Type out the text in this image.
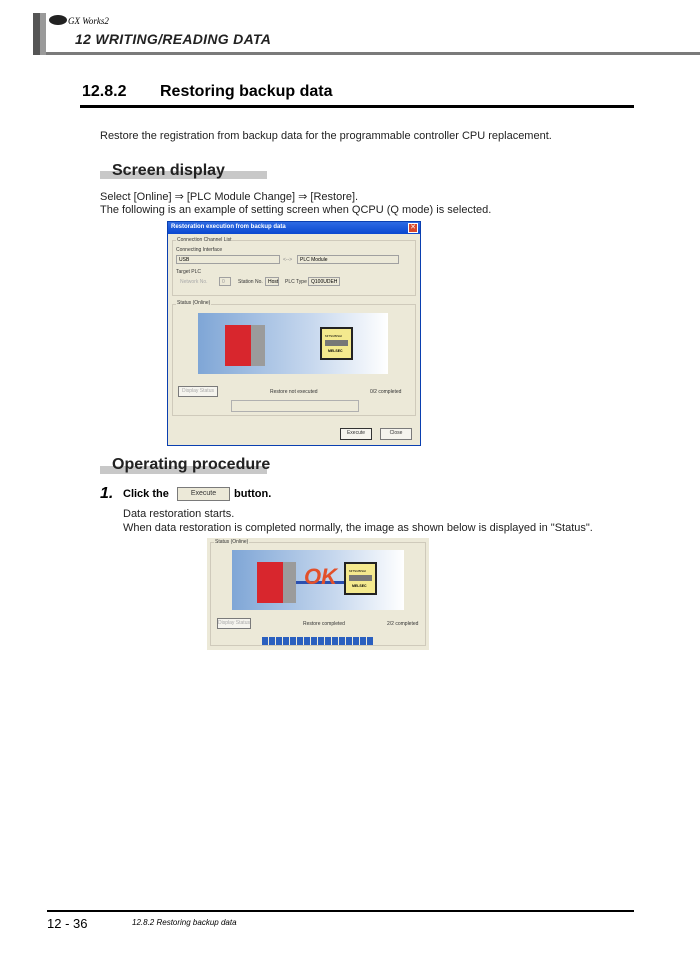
GX Works2
12 WRITING/READING DATA
12.8.2 Restoring backup data
Restore the registration from backup data for the programmable controller CPU replacement.
Screen display
Select [Online] ⇒ [PLC Module Change] ⇒ [Restore].
The following is an example of setting screen when QCPU (Q mode) is selected.
Restoration execution from backup data	✕
Connection Channel List
Connecting Interface
USB	<-->	PLC Module
Target PLC
Network No.	0	Station No.	Host PLC Type Q100UDEH
Status (Online)
MITSUBISHI
MELSEC
Display Status	Restore not executed	0/2 completed
Execute	Close
Operating procedure
1. Click the	Execute	button.
Data restoration starts.
When data restoration is completed normally, the image as shown below is displayed in "Status".
Status (Online)
OK	MITSUBISHI
MELSEC
Display Status	Restore completed	2/2 completed
12 - 36	12.8.2 Restoring backup data
